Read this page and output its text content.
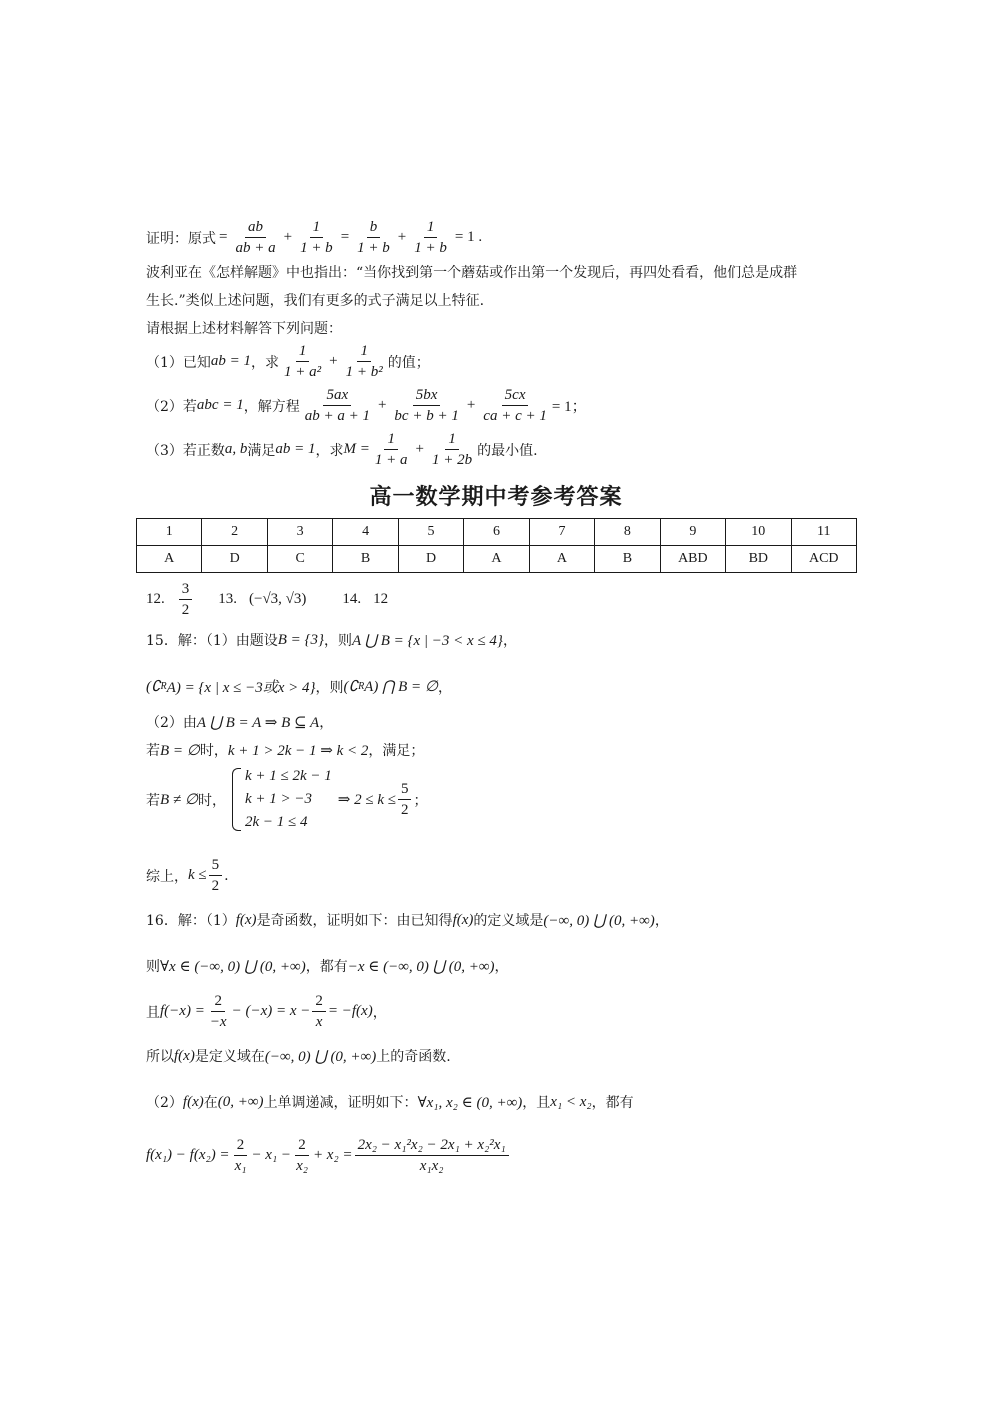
证明：原式 = $\frac{ab}{ab + a} + \frac{1}{1 + b} = \frac{b}{1 + b} + \frac{1}{1 + b} = 1$ .
波利亚在《怎样解题》中也指出：“当你找到第一个蘑菇或作出第一个发现后，再四处看看，他们总是成群
生长.”类似上述问题，我们有更多的式子满足以上特征.
请根据上述材料解答下列问题：
（1）已知 ab = 1 ，求 $\frac{1}{\text{1 + a²}} + \frac{1}{\text{1 + b²}}$ 的值；
（2）若 abc = 1 ，解方程 $\frac{5ax}{ab + a + 1} + \frac{5bx}{bc + b + 1} + \frac{5cx}{ca + c + 1} = 1$；
（3）若正数 a, b 满足 ab = 1 ，求 $M = \frac{1}{1 + a} + \frac{1}{1 + 2b}$ 的最小值.
高一数学期中考参考答案
1	2	3	4	5	6	7	8	9	10	11
A	D	C	B	D	A	A	B	ABD	BD	ACD
12. $\frac{3}{2} 13$. (−√3, √3) 14. 12
15．解：（1）由题设 B = {3} ，则 A ⋃ B = {x | −3 < x ≤ 4} ，
(∁ R A) = {x | x ≤ −3或x > 4} ，则 (∁ R A) ⋂ B = ∅ ，
（2）由 A ⋃ B = A ⇒ B ⊆ A ，
若 B = ∅ 时， k + 1 > 2k − 1 ⇒ k < 2 ，满足；
若 B ≠ ∅ 时，
k + 1 ≤ 2k − 1
k + 1 > −3
2k − 1 ≤ 4
⇒ $2 \le k \le \frac{5}{2}$ ；
综上， $k \le \frac{5}{2}$ .
16．解：（1） f(x) 是奇函数，证明如下：由已知得 f(x) 的定义域是 (−∞, 0) ⋃ (0, +∞) ，
则 ∀x ∈ (−∞, 0) ⋃ (0, +∞) ，都有 −x ∈ (−∞, 0) ⋃ (0, +∞) ，
且 $f(-x) = \frac{2}{-x} - (-x) = x - \frac{2}{x} = -f(x)$ ，
所以 f(x) 是定义域在 (−∞, 0) ⋃ (0, +∞) 上的奇函数.
（2） f(x) 在 (0, +∞) 上单调递减，证明如下： ∀x₁, x₂ ∈ (0, +∞) ，且 x₁ < x₂ ，都有
$f(x_1) - f(x_2) = \frac{2}{\text{x₁}} - x_1 - \frac{2}{\text{x₂}} + x_2 = \frac{\text{2x₂ − x₁²x₂ − 2x₁ + x₂²x₁}}{\text{x₁x₂}}$
